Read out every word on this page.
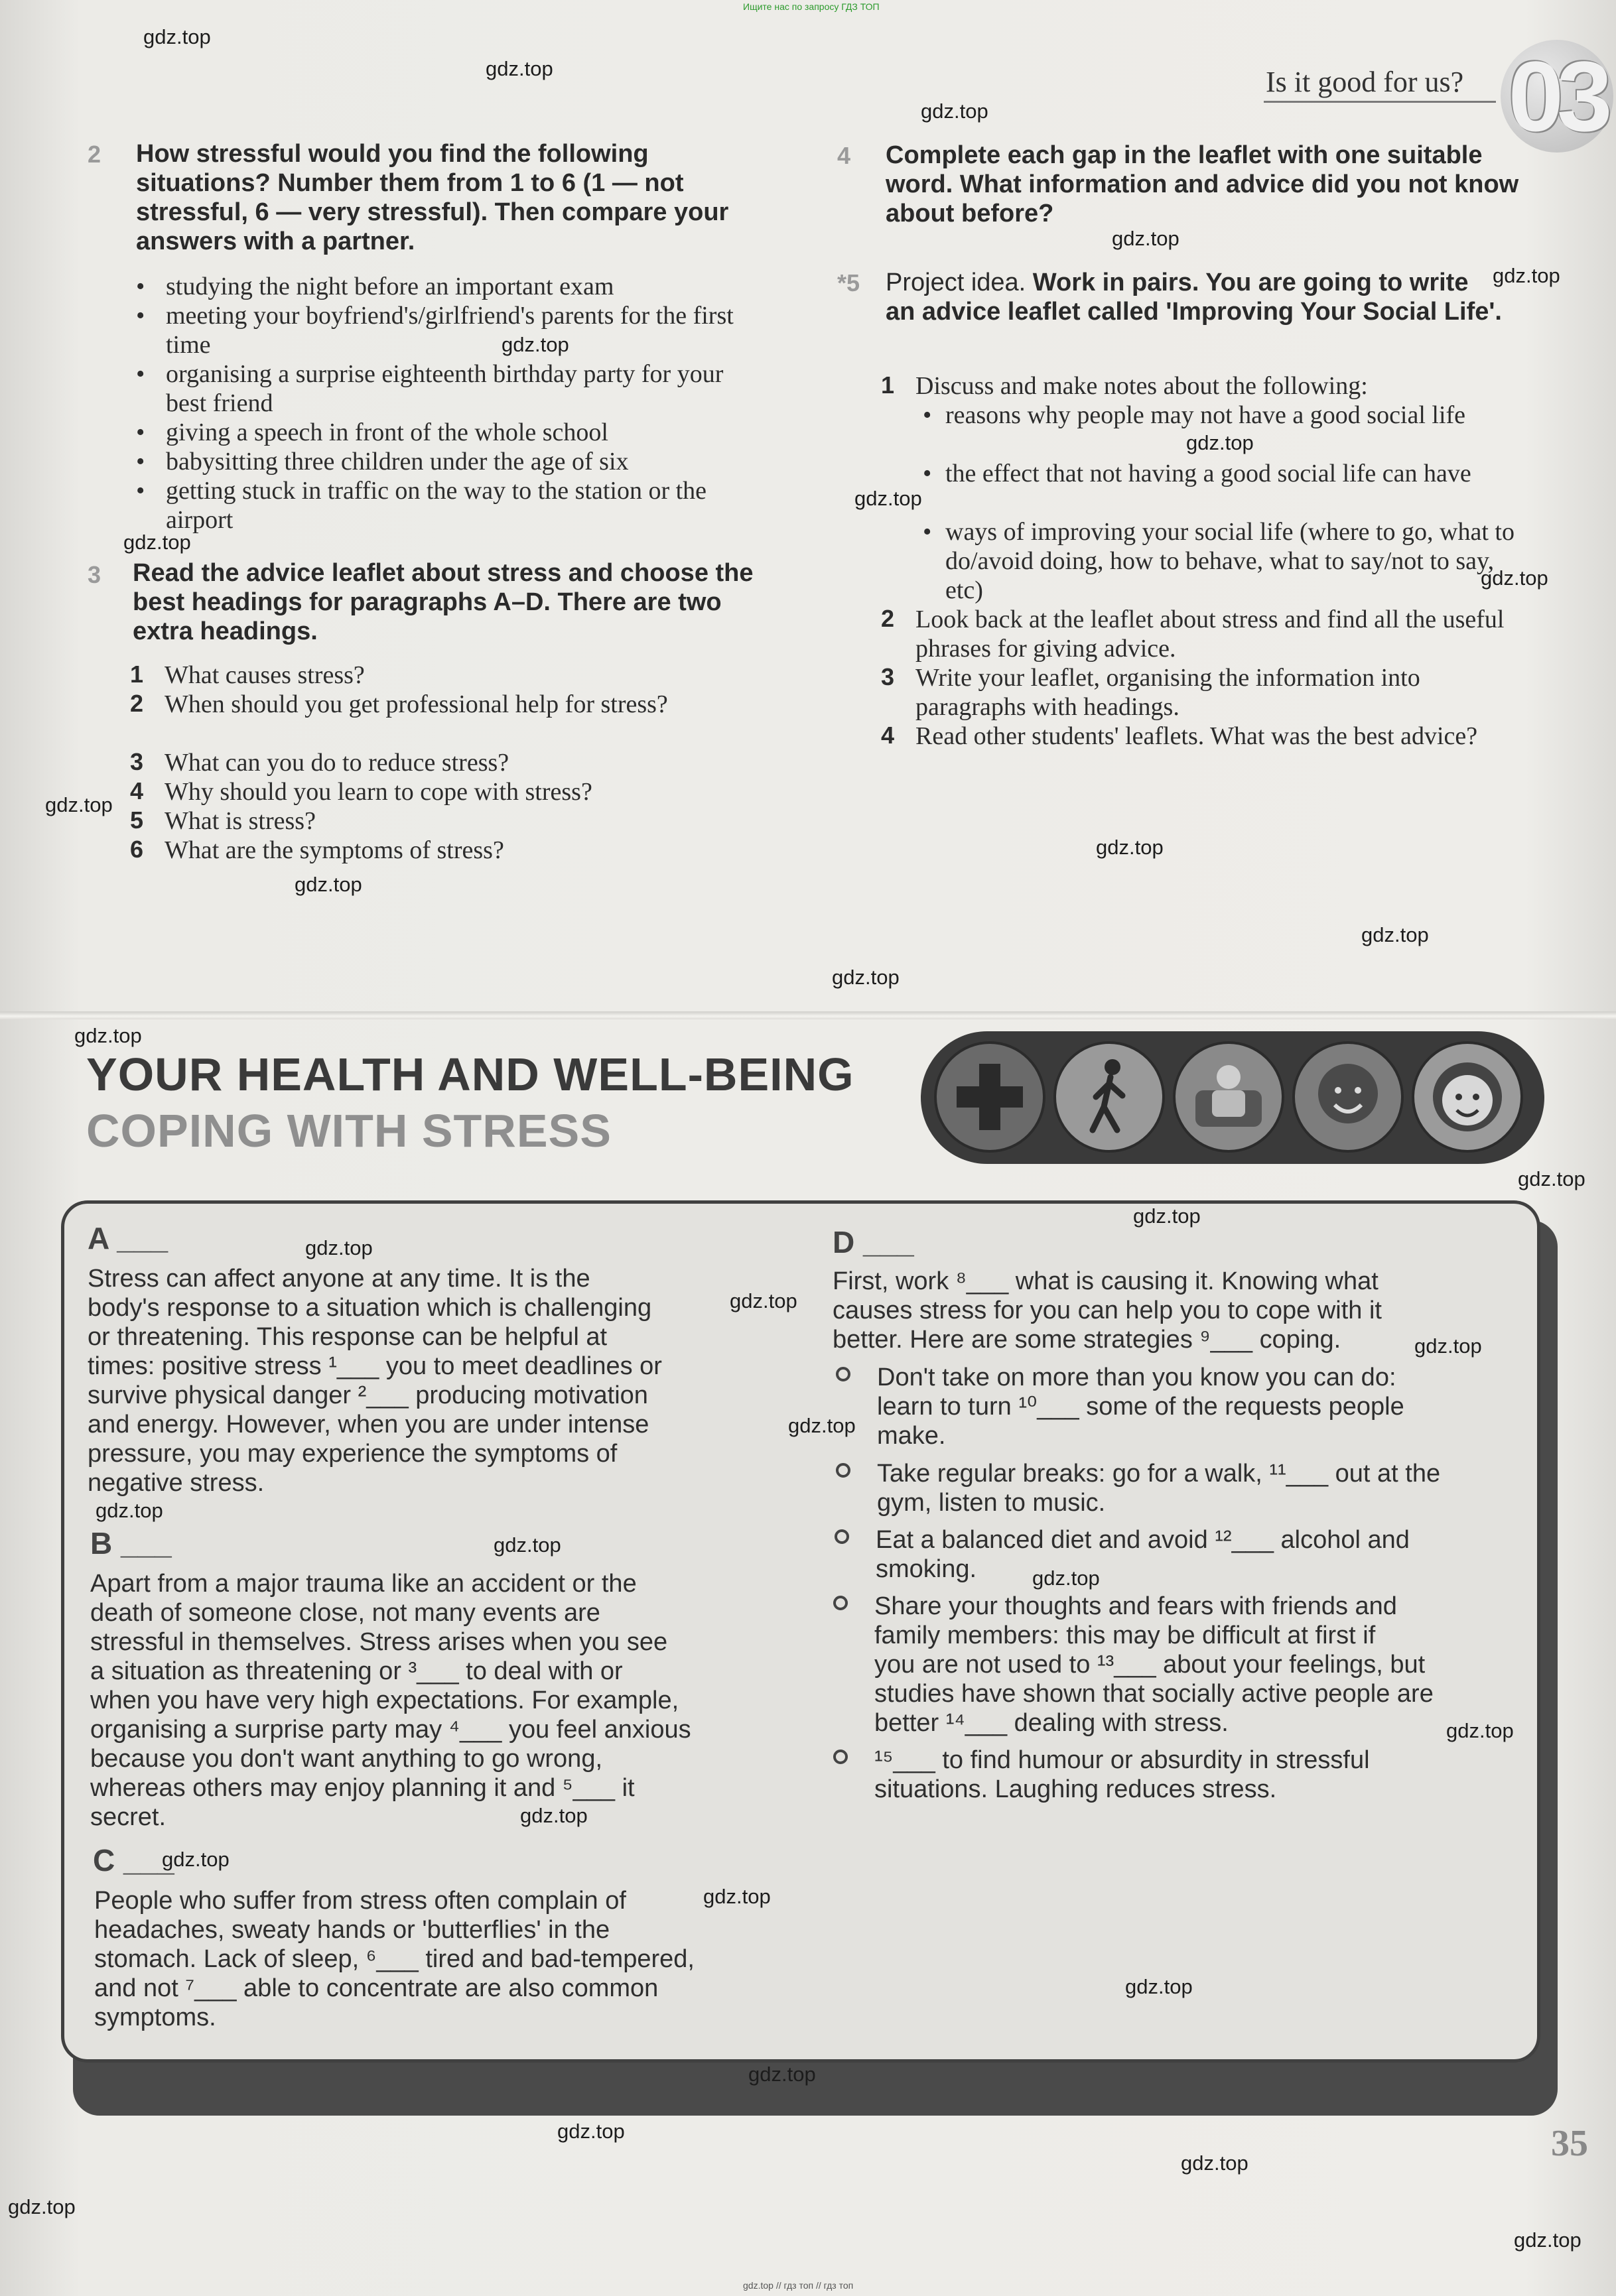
Ищите нас по запросу ГДЗ ТОП
gdz.top // гдз топ // гдз топ
Is it good for us? 03
2 How stressful would you find the following situations? Number them from 1 to 6 (1 — not stressful, 6 — very stressful). Then compare your answers with a partner.
• studying the night before an important exam
• meeting your boyfriend's/girlfriend's parents for the first time
• organising a surprise eighteenth birthday party for your best friend
• giving a speech in front of the whole school
• babysitting three children under the age of six
• getting stuck in traffic on the way to the station or the airport
3 Read the advice leaflet about stress and choose the best headings for paragraphs A–D. There are two extra headings.
1 What causes stress?
2 When should you get professional help for stress?
3 What can you do to reduce stress?
4 Why should you learn to cope with stress?
5 What is stress?
6 What are the symptoms of stress?
4 Complete each gap in the leaflet with one suitable word. What information and advice did you not know about before?
*5 Project idea. Work in pairs. You are going to write an advice leaflet called 'Improving Your Social Life'.
1 Discuss and make notes about the following:
• reasons why people may not have a good social life
• the effect that not having a good social life can have
• ways of improving your social life (where to go, what to do/avoid doing, how to behave, what to say/not to say, etc)
2 Look back at the leaflet about stress and find all the useful phrases for giving advice.
3 Write your leaflet, organising the information into paragraphs with headings.
4 Read other students' leaflets. What was the best advice?
YOUR HEALTH AND WELL-BEING
COPING WITH STRESS
A ___
Stress can affect anyone at any time. It is the
body's response to a situation which is challenging
or threatening. This response can be helpful at
times: positive stress ¹___ you to meet deadlines or
survive physical danger ²___ producing motivation
and energy. However, when you are under intense
pressure, you may experience the symptoms of
negative stress.
B ___
Apart from a major trauma like an accident or the
death of someone close, not many events are
stressful in themselves. Stress arises when you see
a situation as threatening or ³___ to deal with or
when you have very high expectations. For example,
organising a surprise party may ⁴___ you feel anxious
because you don't want anything to go wrong,
whereas others may enjoy planning it and ⁵___ it
secret.
C ___
People who suffer from stress often complain of
headaches, sweaty hands or 'butterflies' in the
stomach. Lack of sleep, ⁶___ tired and bad-tempered,
and not ⁷___ able to concentrate are also common
symptoms.
D ___
First, work ⁸___ what is causing it. Knowing what
causes stress for you can help you to cope with it
better. Here are some strategies ⁹___ coping.
Don't take on more than you know you can do:
learn to turn ¹⁰___ some of the requests people
make.
Take regular breaks: go for a walk, ¹¹___ out at the
gym, listen to music.
Eat a balanced diet and avoid ¹²___ alcohol and
smoking.
Share your thoughts and fears with friends and
family members: this may be difficult at first if
you are not used to ¹³___ about your feelings, but
studies have shown that socially active people are
better ¹⁴___ dealing with stress.
¹⁵___ to find humour or absurdity in stressful
situations. Laughing reduces stress.
35
gdz.top
gdz.top
gdz.top
gdz.top
gdz.top
gdz.top
gdz.top
gdz.top
gdz.top
gdz.top
gdz.top
gdz.top
gdz.top
gdz.top
gdz.top
gdz.top
gdz.top
gdz.top
gdz.top
gdz.top
gdz.top
gdz.top
gdz.top
gdz.top
gdz.top
gdz.top
gdz.top
gdz.top
gdz.top
gdz.top
gdz.top
gdz.top
gdz.top
gdz.top
gdz.top
